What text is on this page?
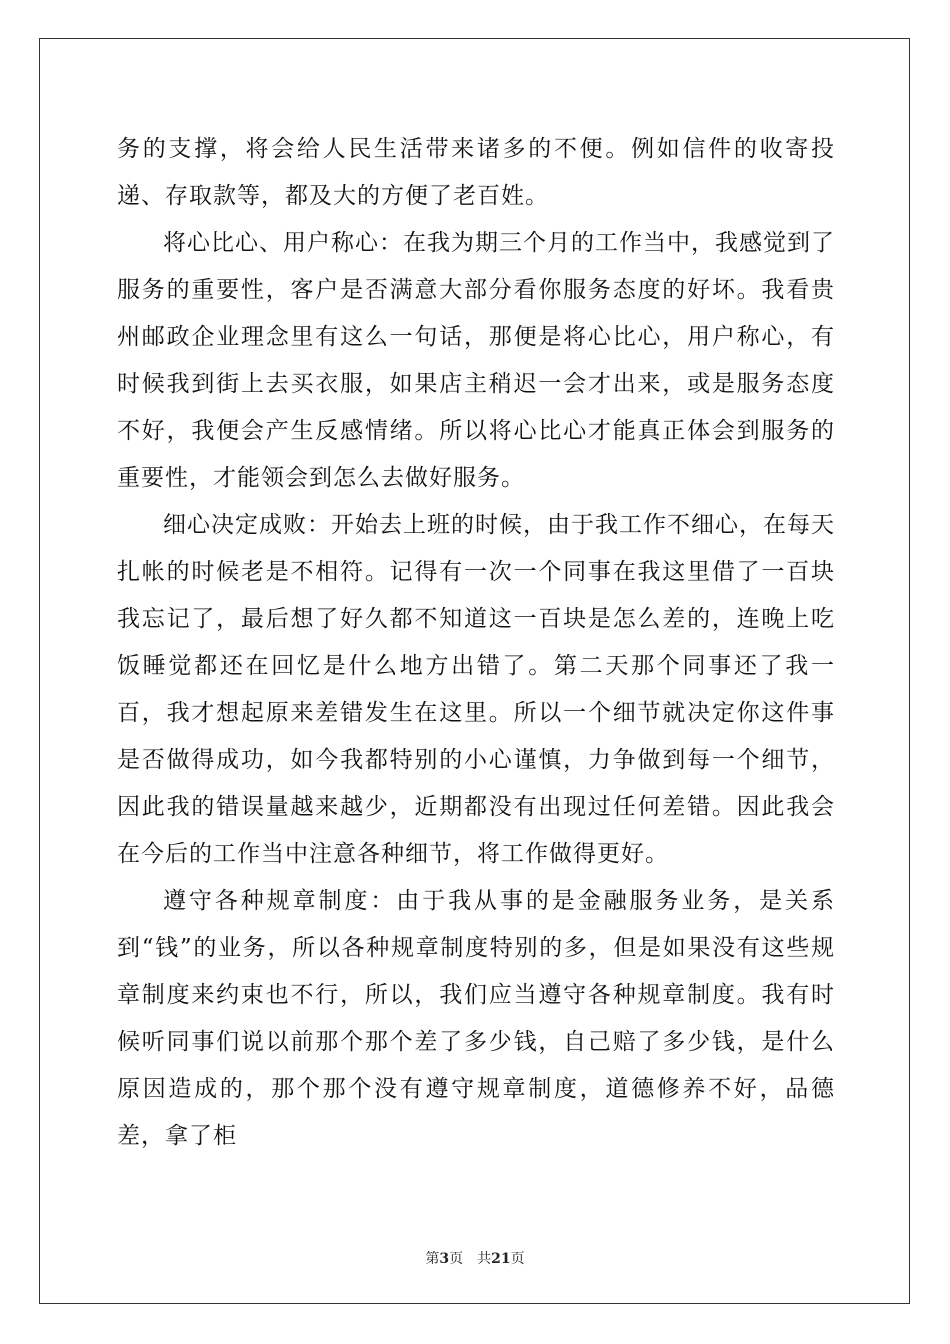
务的支撑，将会给人民生活带来诸多的不便。例如信件的收寄投递、存取款等，都及大的方便了老百姓。

将心比心、用户称心：在我为期三个月的工作当中，我感觉到了服务的重要性，客户是否满意大部分看你服务态度的好坏。我看贵州邮政企业理念里有这么一句话，那便是将心比心，用户称心，有时候我到街上去买衣服，如果店主稍迟一会才出来，或是服务态度不好，我便会产生反感情绪。所以将心比心才能真正体会到服务的重要性，才能领会到怎么去做好服务。

细心决定成败：开始去上班的时候，由于我工作不细心，在每天扎帐的时候老是不相符。记得有一次一个同事在我这里借了一百块我忘记了，最后想了好久都不知道这一百块是怎么差的，连晚上吃饭睡觉都还在回忆是什么地方出错了。第二天那个同事还了我一百，我才想起原来差错发生在这里。所以一个细节就决定你这件事是否做得成功，如今我都特别的小心谨慎，力争做到每一个细节，因此我的错误量越来越少，近期都没有出现过任何差错。因此我会在今后的工作当中注意各种细节，将工作做得更好。

遵守各种规章制度：由于我从事的是金融服务业务，是关系到“钱”的业务，所以各种规章制度特别的多，但是如果没有这些规章制度来约束也不行，所以，我们应当遵守各种规章制度。我有时候听同事们说以前那个那个差了多少钱，自己赔了多少钱，是什么原因造成的，那个那个没有遵守规章制度，道德修养不好，品德差，拿了柜

第3页 共21页
